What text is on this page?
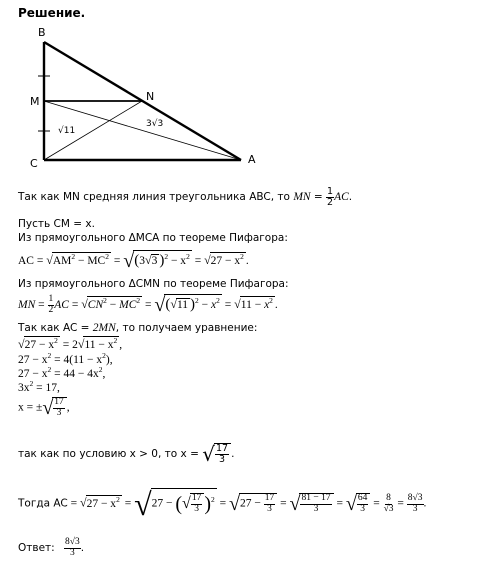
Решение.
B
M
C
N
A
√11
3√3
Так как MN средняя линия треугольника ABC, то MN = $\frac{1}{2}$ AC.
Пусть CM = x.
Из прямоугольного ΔMCA по теореме Пифагора:
AC = $√AM^2 - MC^2 = √(3√3$ )$^2 - x^2 = √27 - x^2$ .
Из прямоугольного ΔCMN по теореме Пифагора:
MN = $\frac{1}{2}$ AC = $√CN^2 - MC^2 = √(√11$ )$^2 - x^2 = √11 - x^2$ .
Так как AC = 2MN, то получаем уравнение:
$√27 - x^2 = 2√11 - x^2$ ,
$27 - x^2 = 4(11 - x^2)$,
$27 - x^2 = 44 - 4x^2$,
$3x^2 = 17$,
x = ±√ $\frac{17}{3}$ ,
так как по условию x > 0, то x = √ $\frac{17}{3}$ .
Тогда AC = $√27 - x^2 = √27$ − (√ $\frac{17}{3} )^2 = √27 - \frac{17}{3}$ = √ $\frac{81 - 17}{3}$ = √ $\frac{64}{3} = \frac{8}{√3} = \frac{8√3}{3}$ .
Ответ: $\frac{8√3}{3}$ .
